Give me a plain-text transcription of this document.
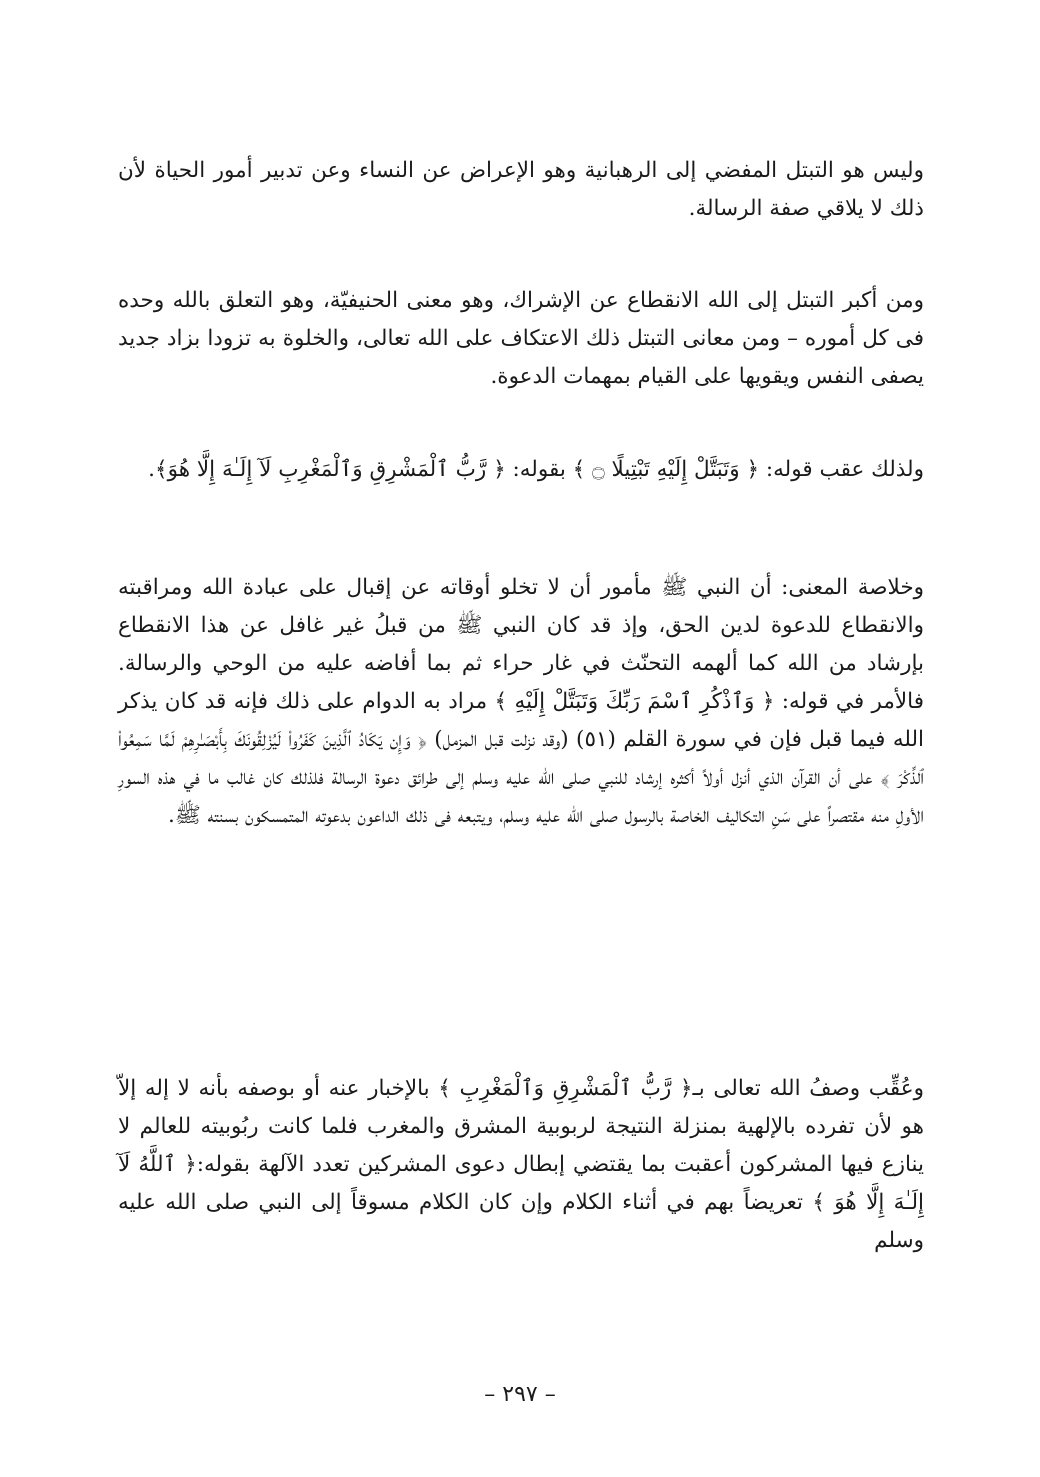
وليس هو التبتل المفضي إلى الرهبانية وهو الإعراض عن النساء وعن تدبير أمور الحياة لأن ذلك لا يلاقي صفة الرسالة.

ومن أكبر التبتل إلى الله الانقطاع عن الإشراك، وهو معنى الحنيفيّة، وهو التعلق بالله وحده فى كل أموره – ومن معانى التبتل ذلك الاعتكاف على الله تعالى، والخلوة به تزودا بزاد جديد يصفى النفس ويقويها على القيام بمهمات الدعوة.

ولذلك عقب قوله: ﴿ وَتَبَتَّلْ إِلَيْهِ تَبْتِيلًا ۝ ﴾ بقوله: ﴿ رَّبُّ ٱلْمَشْرِقِ وَٱلْمَغْرِبِ لَآ إِلَـٰهَ إِلَّا هُوَ﴾.

وخلاصة المعنى: أن النبي ﷺ مأمور أن لا تخلو أوقاته عن إقبال على عبادة الله ومراقبته والانقطاع للدعوة لدين الحق، وإذ قد كان النبي ﷺ من قبلُ غير غافل عن هذا الانقطاع بإرشاد من الله كما ألهمه التحنّث في غار حراء ثم بما أفاضه عليه من الوحي والرسالة. فالأمر في قوله: ﴿ وَٱذْكُرِ ٱسْمَ رَبِّكَ وَتَبَتَّلْ إِلَيْهِ ﴾ مراد به الدوام على ذلك فإنه قد كان يذكر الله فيما قبل فإن في سورة القلم (٥١) (وقد نزلت قبل المزمل) ﴿ وَإِن يَكَادُ ٱلَّذِينَ كَفَرُوا۟ لَيُزْلِقُونَكَ بِأَبْصَـٰرِهِمْ لَمَّا سَمِعُوا۟ ٱلذِّكْرَ ﴾ على أن القرآن الذي أنزل أولاً أكثره إرشاد للنبي صلى الله عليه وسلم إلى طرائق دعوة الرسالة فلذلك كان غالب ما في هذه السورِ الأولِ منه مقتصراً على سَنِ التكاليف الخاصة بالرسول صلى الله عليه وسلم، ويتبعه فى ذلك الداعون بدعوته المتمسكون بسنته ﷺ.

وعُقِّب وصفُ الله تعالى بـ﴿ رَّبُّ ٱلْمَشْرِقِ وَٱلْمَغْرِبِ ﴾ بالإخبار عنه أو بوصفه بأنه لا إله إلاّ هو لأن تفرده بالإلهية بمنزلة النتيجة لربوبية المشرق والمغرب فلما كانت ربُوبيته للعالم لا ينازع فيها المشركون أعقبت بما يقتضي إبطال دعوى المشركين تعدد الآلهة بقوله:﴿ ٱللَّهُ لَآ إِلَـٰهَ إِلَّا هُوَ ﴾ تعريضاً بهم في أثناء الكلام وإن كان الكلام مسوقاً إلى النبي صلى الله عليه وسلم

– ٢٩٧ –
